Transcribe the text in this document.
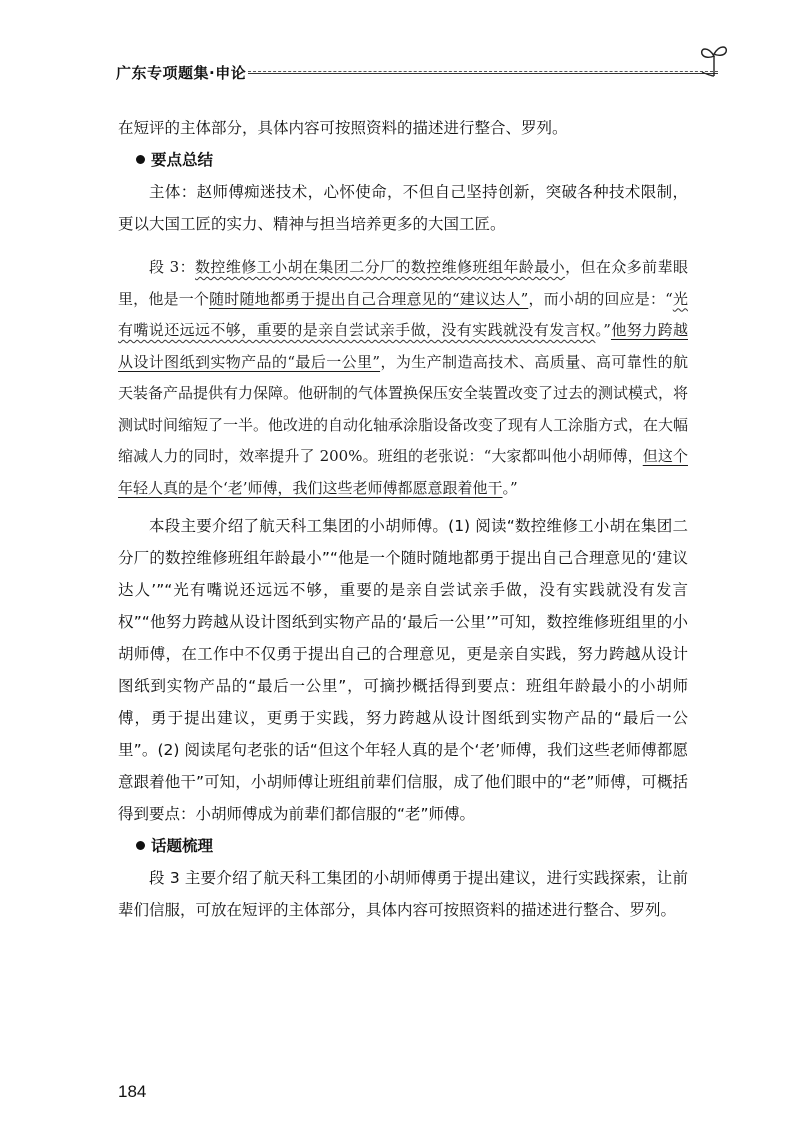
广东专项题集·申论

在短评的主体部分，具体内容可按照资料的描述进行整合、罗列。

要点总结

主体：赵师傅痴迷技术，心怀使命，不但自己坚持创新，突破各种技术限制，更以大国工匠的实力、精神与担当培养更多的大国工匠。

段 3：数控维修工小胡在集团二分厂的数控维修班组年龄最小，但在众多前辈眼里，他是一个随时随地都勇于提出自己合理意见的“建议达人”，而小胡的回应是：“光有嘴说还远远不够，重要的是亲自尝试亲手做，没有实践就没有发言权。”他努力跨越从设计图纸到实物产品的“最后一公里”，为生产制造高技术、高质量、高可靠性的航天装备产品提供有力保障。他研制的气体置换保压安全装置改变了过去的测试模式，将测试时间缩短了一半。他改进的自动化轴承涂脂设备改变了现有人工涂脂方式，在大幅缩减人力的同时，效率提升了 200%。班组的老张说：“大家都叫他小胡师傅，但这个年轻人真的是个‘老’师傅，我们这些老师傅都愿意跟着他干。”

本段主要介绍了航天科工集团的小胡师傅。(1) 阅读“数控维修工小胡在集团二分厂的数控维修班组年龄最小”“他是一个随时随地都勇于提出自己合理意见的‘建议达人’”“光有嘴说还远远不够，重要的是亲自尝试亲手做，没有实践就没有发言权”“他努力跨越从设计图纸到实物产品的‘最后一公里’”可知，数控维修班组里的小胡师傅，在工作中不仅勇于提出自己的合理意见，更是亲自实践，努力跨越从设计图纸到实物产品的“最后一公里”，可摘抄概括得到要点：班组年龄最小的小胡师傅，勇于提出建议，更勇于实践，努力跨越从设计图纸到实物产品的“最后一公里”。(2) 阅读尾句老张的话“但这个年轻人真的是个‘老’师傅，我们这些老师傅都愿意跟着他干”可知，小胡师傅让班组前辈们信服，成了他们眼中的“老”师傅，可概括得到要点：小胡师傅成为前辈们都信服的“老”师傅。

话题梳理

段 3 主要介绍了航天科工集团的小胡师傅勇于提出建议，进行实践探索，让前辈们信服，可放在短评的主体部分，具体内容可按照资料的描述进行整合、罗列。

184
